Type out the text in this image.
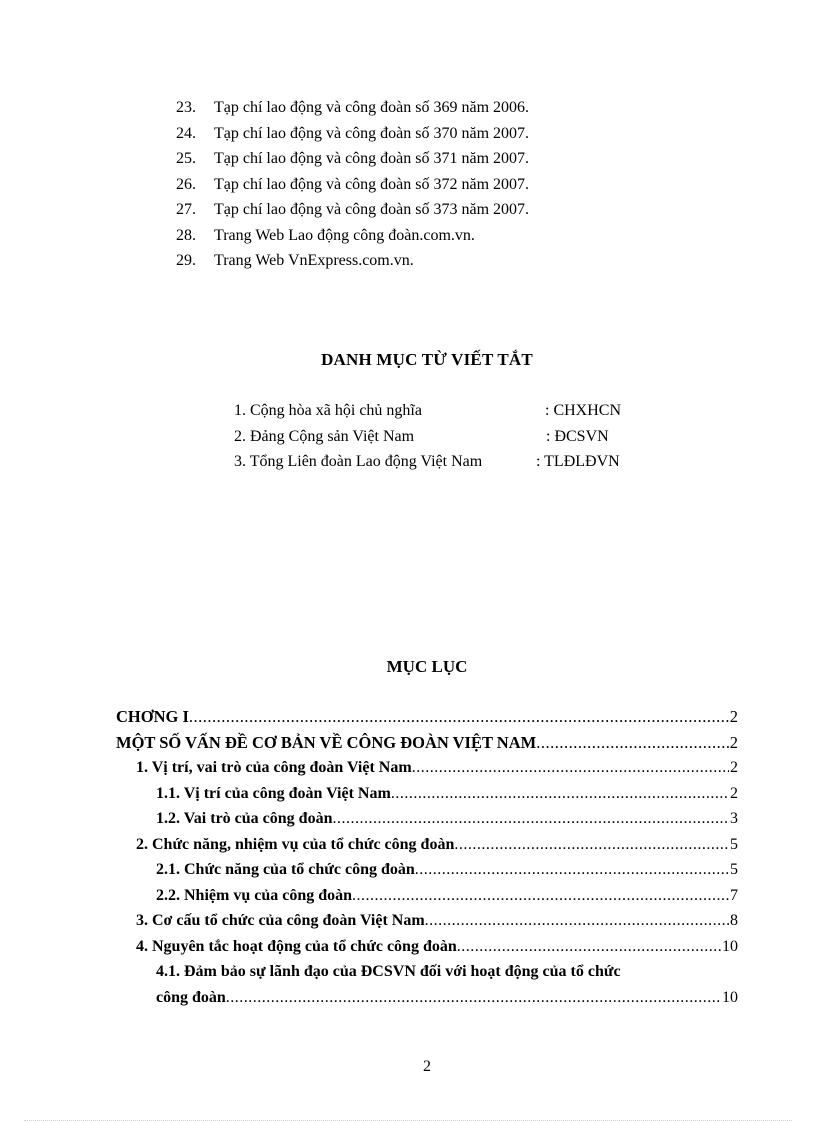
23. Tạp chí lao động và công đoàn số 369 năm 2006.
24. Tạp chí lao động và công đoàn số 370 năm 2007.
25. Tạp chí lao động và công đoàn số 371 năm 2007.
26. Tạp chí lao động và công đoàn số 372 năm 2007.
27. Tạp chí lao động và công đoàn số 373 năm 2007.
28. Trang Web Lao động công đoàn.com.vn.
29. Trang Web VnExpress.com.vn.
DANH MỤC TỪ VIẾT TẮT
1. Cộng hòa xã hội chủ nghĩa	: CHXHCN
2. Đảng Cộng sản Việt Nam	: ĐCSVN
3. Tổng Liên đoàn Lao động Việt Nam	: TLĐLĐVN
MỤC LỤC
CHƠNG I .....	2
MỘT SỐ VẤN ĐỀ CƠ BẢN VỀ CÔNG ĐOÀN VIỆT NAM .....	2
1. Vị trí, vai trò của công đoàn Việt Nam .....	2
1.1. Vị trí của công đoàn Việt Nam .....	2
1.2. Vai trò của công đoàn .....	3
2. Chức năng, nhiệm vụ của tổ chức công đoàn .....	5
2.1. Chức năng của tổ chức công đoàn .....	5
2.2. Nhiệm vụ của công đoàn .....	7
3. Cơ cấu tổ chức của công đoàn Việt Nam .....	8
4. Nguyên tắc hoạt động của tổ chức công đoàn .....	10
4.1. Đảm bảo sự lãnh đạo của ĐCSVN đối với hoạt động của tổ chức
công đoàn .....	10
2
